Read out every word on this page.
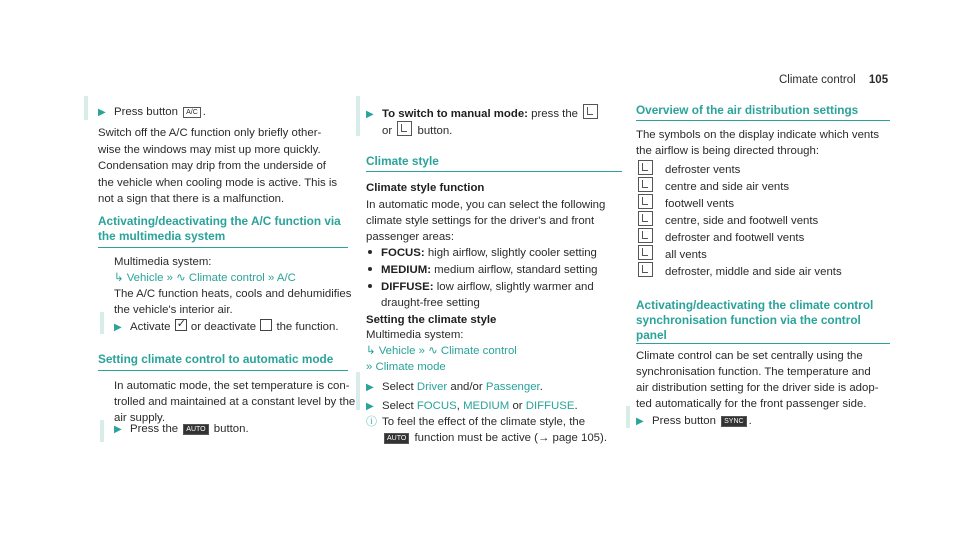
Climate control 105
▶ Press button A/C .
Switch off the A/C function only briefly other-
wise the windows may mist up more quickly.
Condensation may drip from the underside of
the vehicle when cooling mode is active. This is
not a sign that there is a malfunction.
Activating/deactivating the A/C function via
the multimedia system
Multimedia system:
↳ Vehicle » ∿ Climate control » A/C
The A/C function heats, cools and dehumidifies
the vehicle's interior air.
▶ Activate ✓ or deactivate the function.
Setting climate control to automatic mode
In automatic mode, the set temperature is con-
trolled and maintained at a constant level by the
air supply.
▶ Press the AUTO button.
▶ To switch to manual mode: press the
or button.
Climate style
Climate style function
In automatic mode, you can select the following
climate style settings for the driver's and front
passenger areas:
FOCUS: high airflow, slightly cooler setting
MEDIUM: medium airflow, standard setting
DIFFUSE: low airflow, slightly warmer and
draught-free setting
Setting the climate style
Multimedia system:
↳ Vehicle » ∿ Climate control
» Climate mode
▶ Select Driver and/or Passenger.
▶ Select FOCUS, MEDIUM or DIFFUSE.
ⓘ To feel the effect of the climate style, the
AUTO function must be active (→ page 105).
Overview of the air distribution settings
The symbols on the display indicate which vents
the airflow is being directed through:
defroster vents
centre and side air vents
footwell vents
centre, side and footwell vents
defroster and footwell vents
all vents
defroster, middle and side air vents
Activating/deactivating the climate control
synchronisation function via the control
panel
Climate control can be set centrally using the
synchronisation function. The temperature and
air distribution setting for the driver side is adop-
ted automatically for the front passenger side.
▶ Press button SYNC .
